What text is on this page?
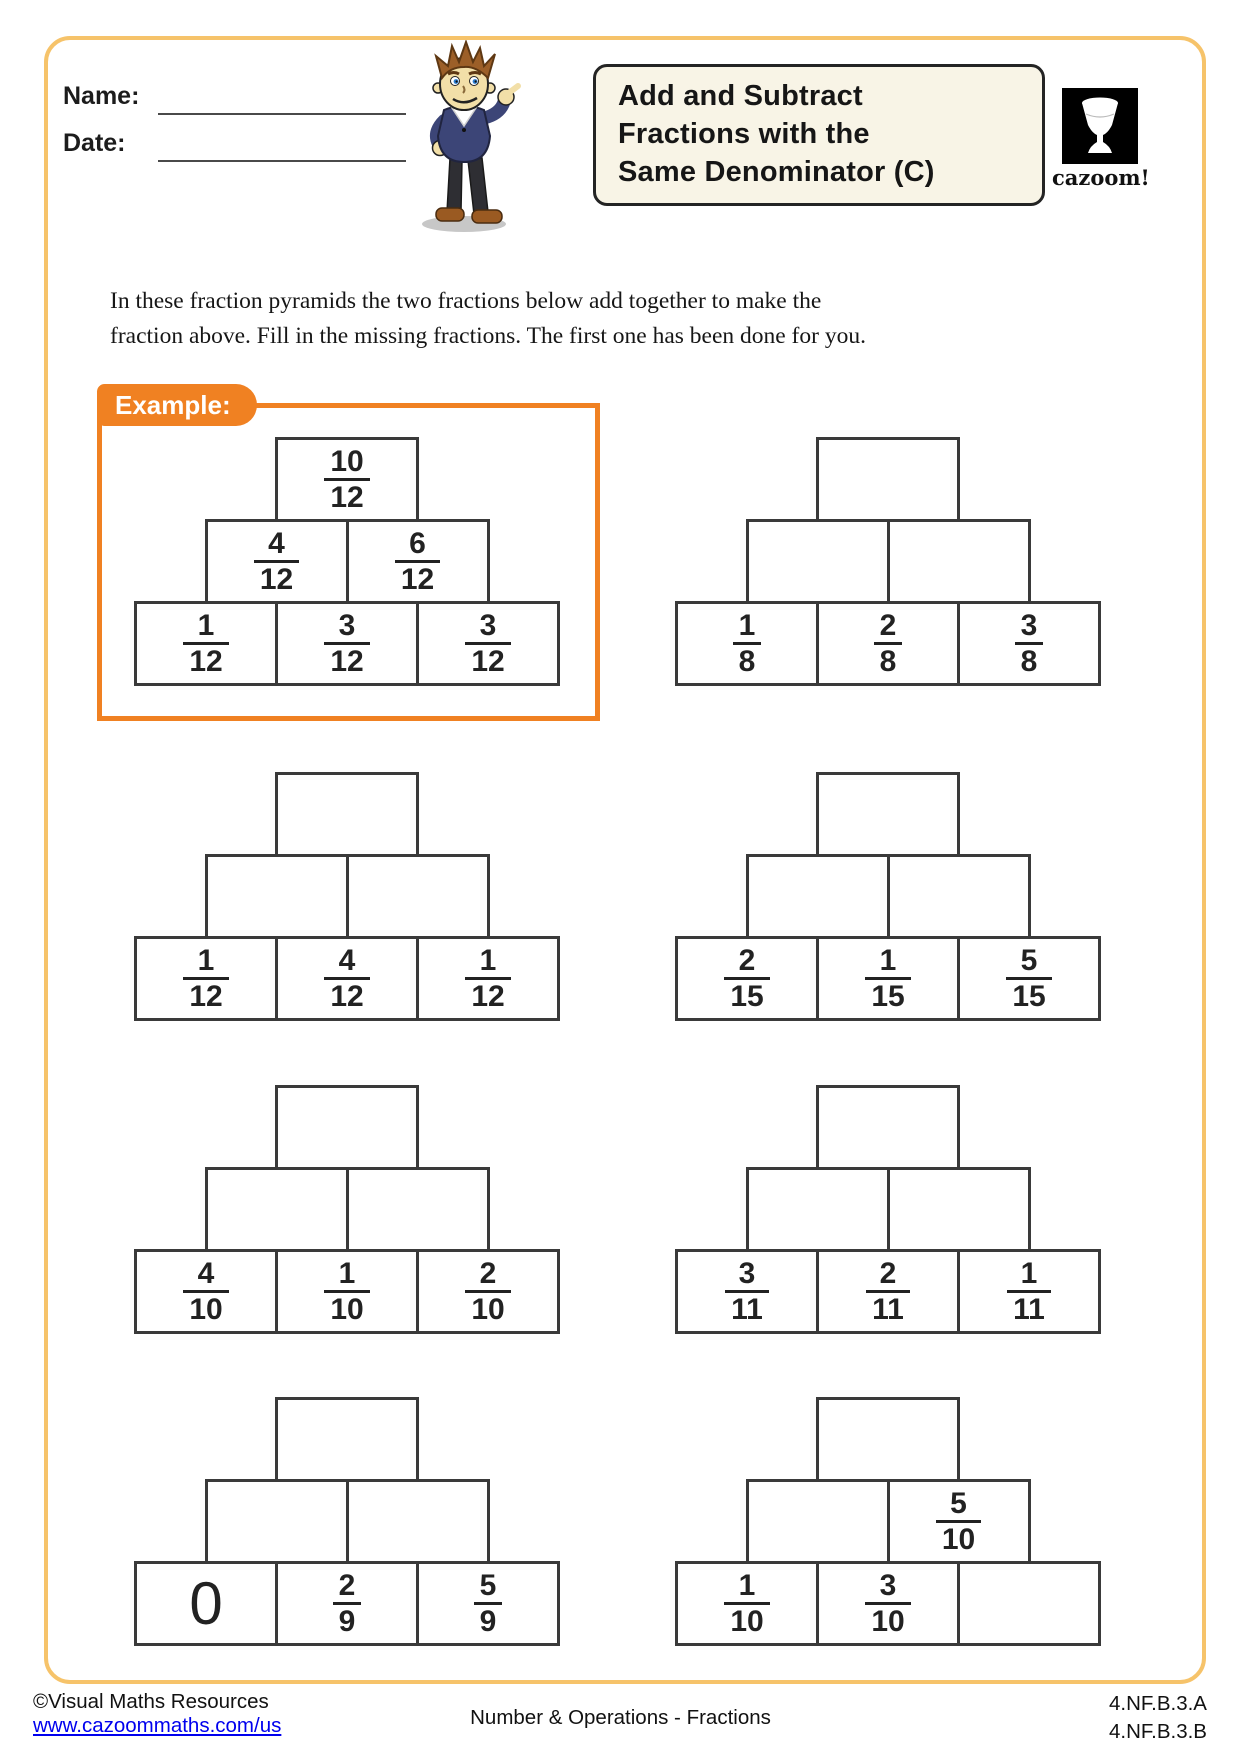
Name:
Date:
Add and Subtract
Fractions with the
Same Denominator (C)	cazoom!
In these fraction pyramids the two fractions below add together to make the
fraction above. Fill in the missing fractions. The first one has been done for you.
Example:
$\frac{10}{12}$
$\frac{4}{12}$	$\frac{6}{12}$
$\frac{1}{12}$	$\frac{3}{12}$	$\frac{3}{12}$	$\frac{1}{8}$	$\frac{2}{8}$	$\frac{3}{8}$
$\frac{1}{12}$	$\frac{4}{12}$	$\frac{1}{12}$	$\frac{2}{15}$	$\frac{1}{15}$	$\frac{5}{15}$
$\frac{4}{10}$	$\frac{1}{10}$	$\frac{2}{10}$	$\frac{3}{11}$	$\frac{2}{11}$	$\frac{1}{11}$
0	$\frac{2}{9}$	$\frac{5}{9}$
$\frac{5}{10}$
$\frac{1}{10}$	$\frac{3}{10}$
©Visual Maths Resources
www.cazoommaths.com/us	Number & Operations - Fractions
4.NF.B.3.A
4.NF.B.3.B
